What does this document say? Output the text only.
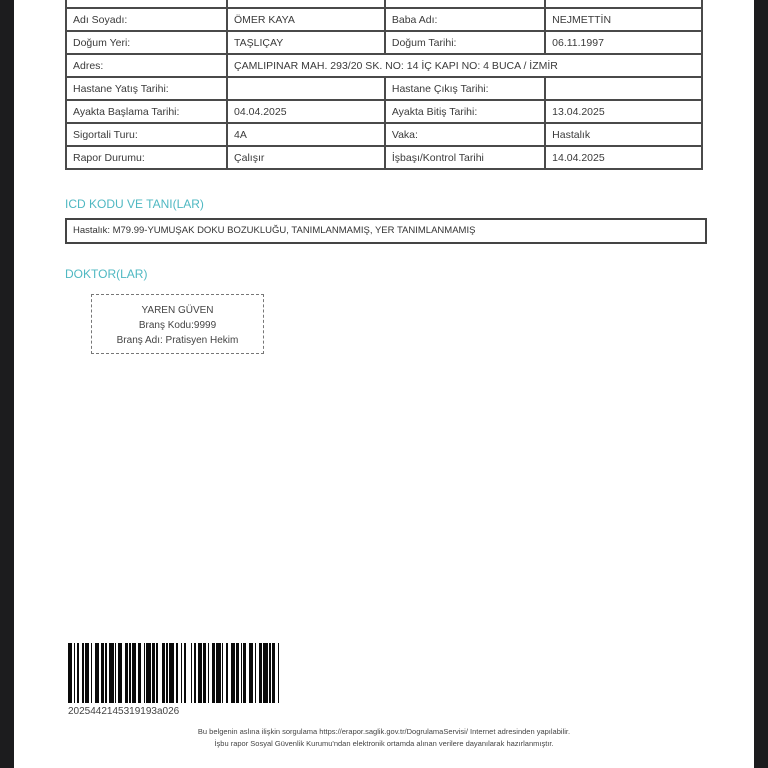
Adı Soyadı:	ÖMER KAYA	Baba Adı:	NEJMETTİN
Doğum Yeri:	TAŞLIÇAY	Doğum Tarihi:	06.11.1997
Adres:	ÇAMLIPINAR MAH. 293/20 SK. NO: 14 İÇ KAPI NO: 4 BUCA / İZMİR		
Hastane Yatış Tarihi:		Hastane Çıkış Tarihi:	
Ayakta Başlama Tarihi:	04.04.2025	Ayakta Bitiş Tarihi:	13.04.2025
Sigortali Turu:	4A	Vaka:	Hastalık
Rapor Durumu:	Çalışır	İşbaşı/Kontrol Tarihi	14.04.2025
ICD KODU VE TANI(LAR)
Hastalık: M79.99-YUMUŞAK DOKU BOZUKLUĞU, TANIMLANMAMIŞ, YER TANIMLANMAMIŞ
DOKTOR(LAR)
YAREN GÜVEN
Branş Kodu:9999
Branş Adı: Pratisyen Hekim
2025442145319193a026
Bu belgenin aslına ilişkin sorgulama https://erapor.saglik.gov.tr/DogrulamaServisi/ Internet adresinden yapılabilir.
İşbu rapor Sosyal Güvenlik Kurumu'ndan elektronik ortamda alınan verilere dayanılarak hazırlanmıştır.
